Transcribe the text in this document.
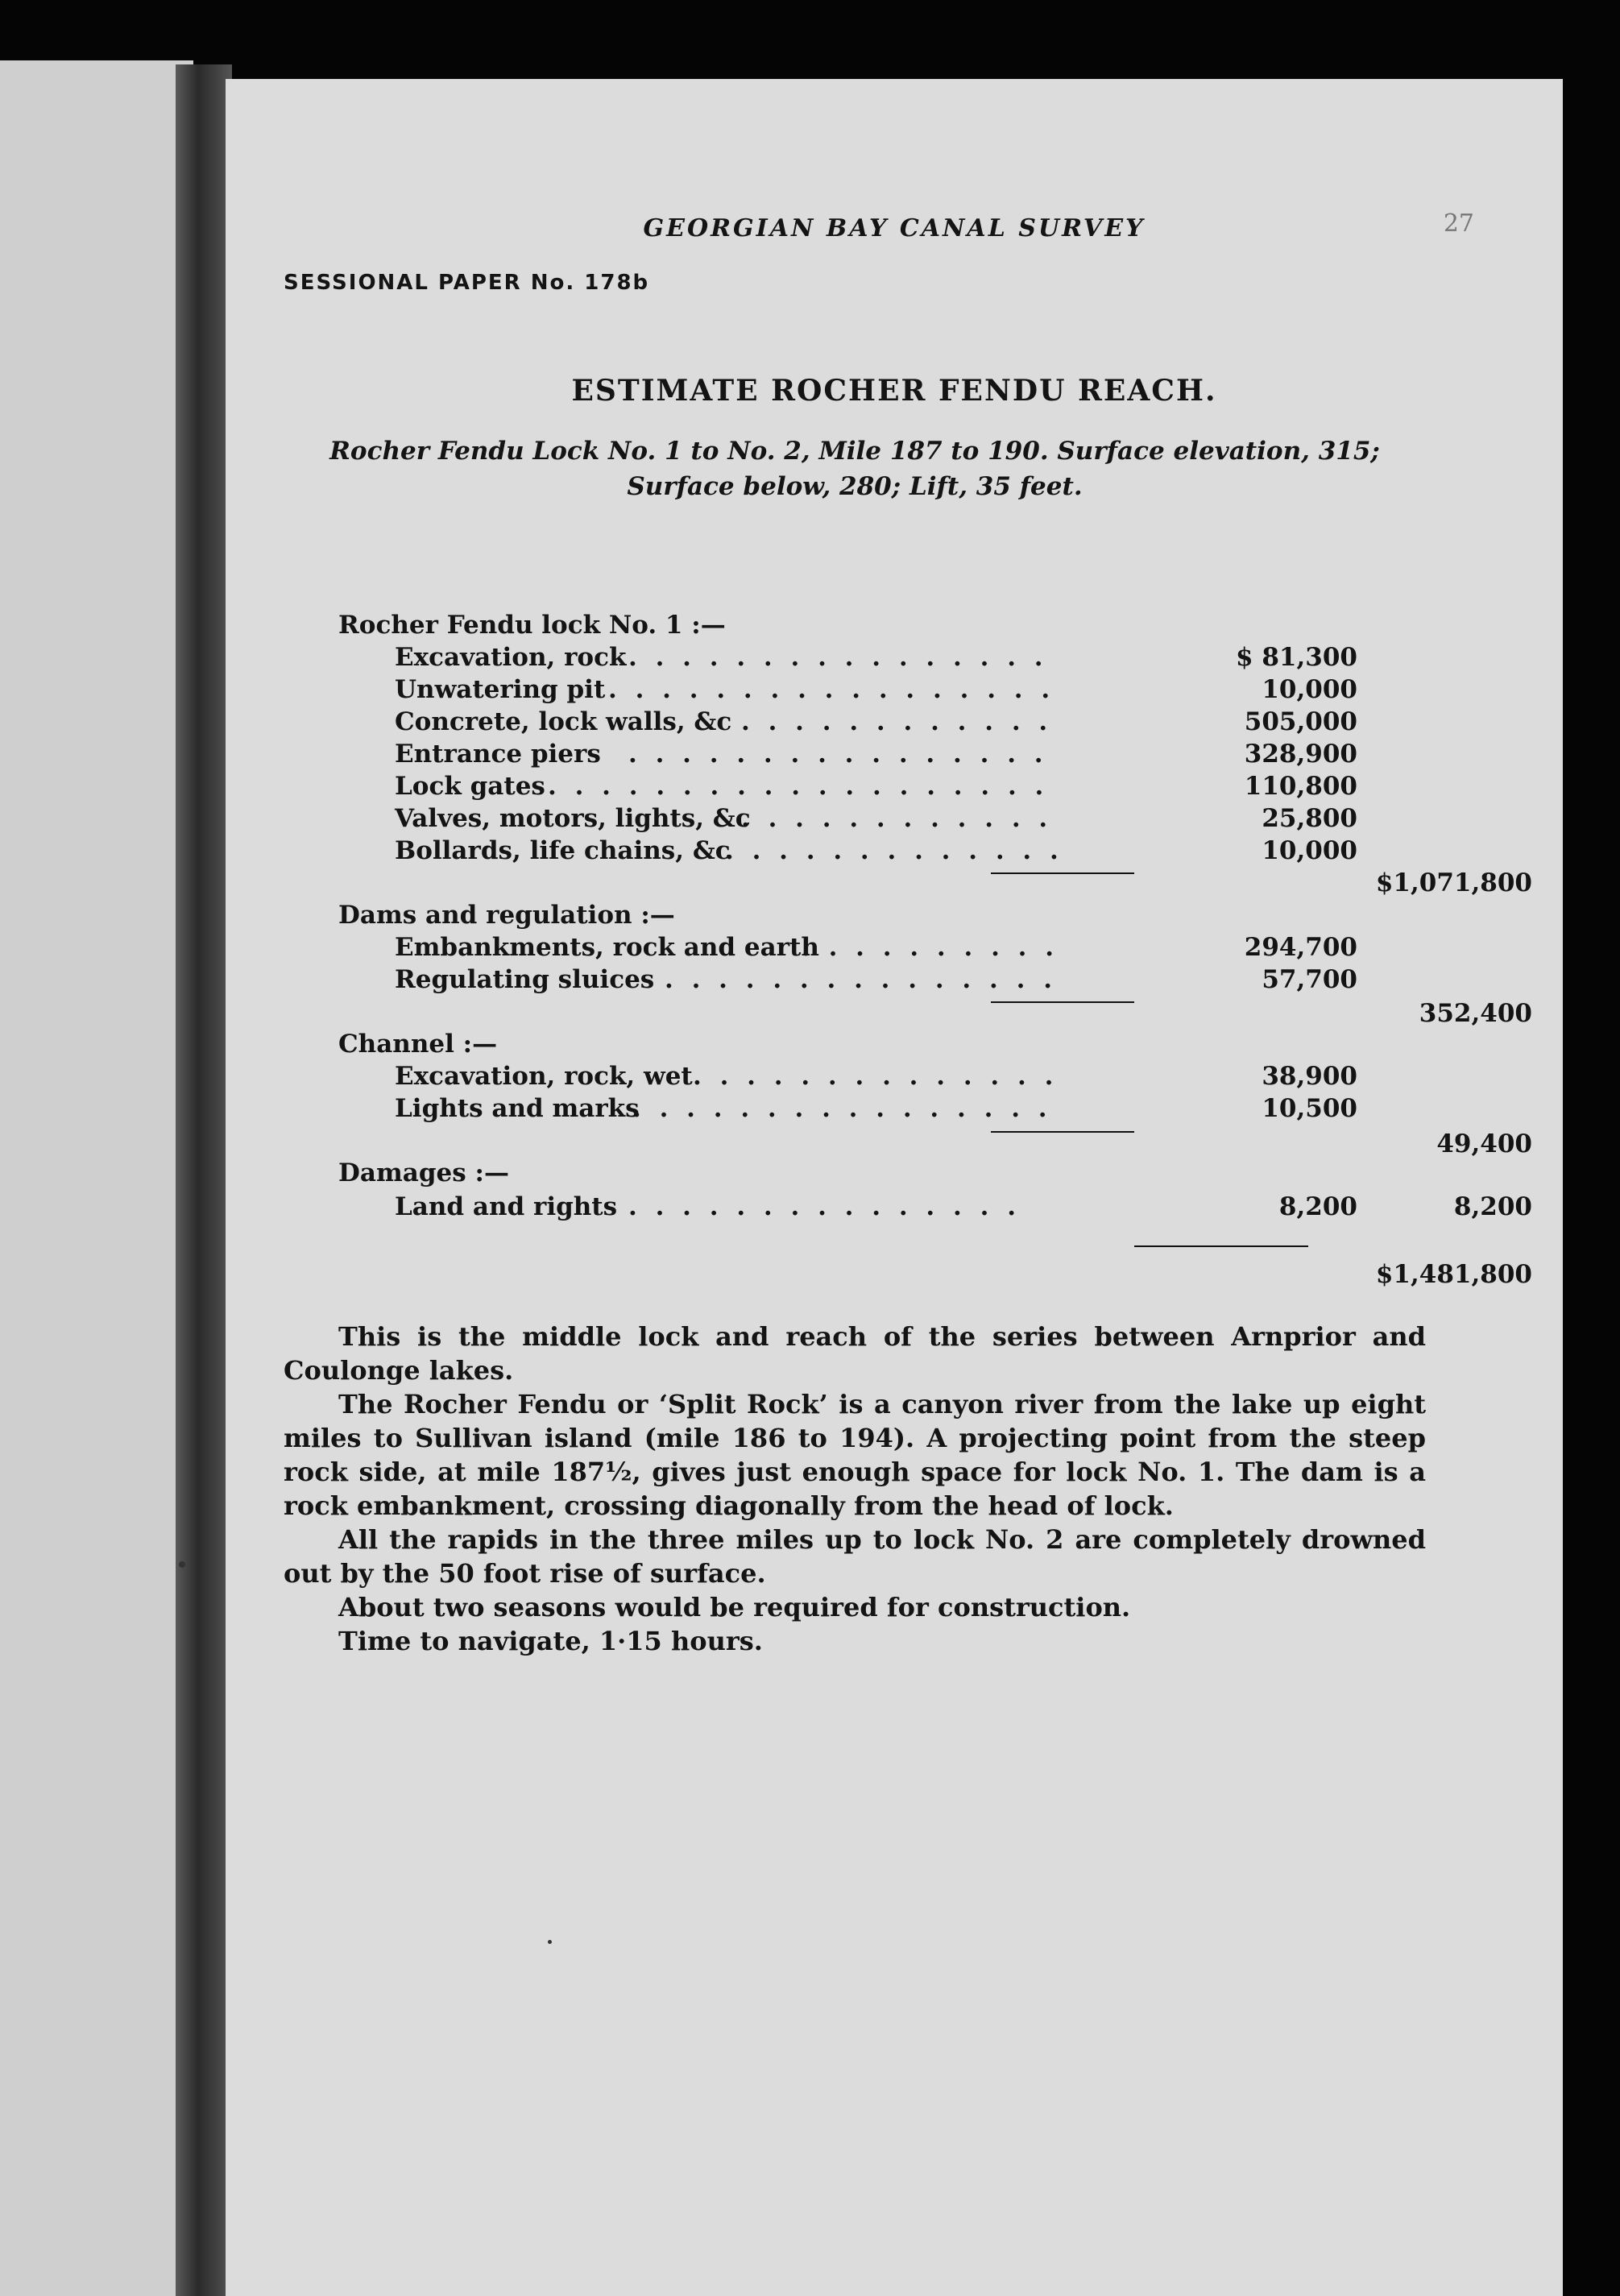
GEORGIAN BAY CANAL SURVEY	27
SESSIONAL PAPER No. 178b
ESTIMATE ROCHER FENDU REACH.
Rocher Fendu Lock No. 1 to No. 2, Mile 187 to 190. Surface elevation, 315; Surface below, 280; Lift, 35 feet.
Rocher Fendu lock No. 1 :—
Excavation, rock	$ 81,300
Unwatering pit	10,000
Concrete, lock walls, &c	505,000
Entrance piers	328,900
Lock gates	110,800
Valves, motors, lights, &c	25,800
Bollards, life chains, &c	10,000
$1,071,800
Dams and regulation :—
Embankments, rock and earth	294,700
Regulating sluices	57,700
352,400
Channel :—
Excavation, rock, wet	38,900
Lights and marks	10,500
49,400
Damages :—
Land and rights	8,200	8,200
$1,481,800
. . . . . . . . . . . . . . . .
. . . . . . . . . . . . . . . . .
. . . . . . . . . . . .
. . . . . . . . . . . . . . . .
. . . . . . . . . . . . . . . . . . .
. . . . . . . . . . . .
. . . . . . . . . . . . .
. . . . . . . . . .
. . . . . . . . . . . . . . .
. . . . . . . . . . . . . .
. . . . . . . . . . . . . . . .
. . . . . . . . . . . . . . .
This is the middle lock and reach of the series between Arnprior and Coulonge lakes.
The Rocher Fendu or ‘Split Rock’ is a canyon river from the lake up eight miles to Sullivan island (mile 186 to 194). A projecting point from the steep rock side, at mile 187½, gives just enough space for lock No. 1. The dam is a rock embankment, crossing diagonally from the head of lock.
All the rapids in the three miles up to lock No. 2 are completely drowned out by the 50 foot rise of surface.
About two seasons would be required for construction.
Time to navigate, 1·15 hours.
